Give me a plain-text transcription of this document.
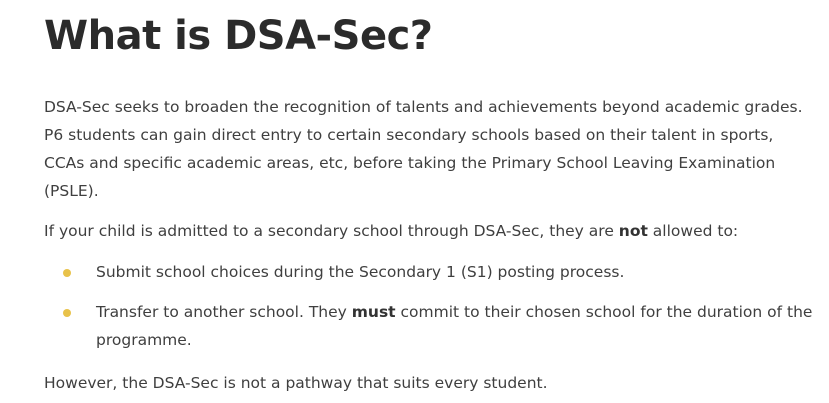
What is DSA-Sec?

DSA-Sec seeks to broaden the recognition of talents and achievements beyond academic grades. P6 students can gain direct entry to certain secondary schools based on their talent in sports, CCAs and specific academic areas, etc, before taking the Primary School Leaving Examination (PSLE).

If your child is admitted to a secondary school through DSA-Sec, they are not allowed to:

Submit school choices during the Secondary 1 (S1) posting process.
Transfer to another school. They must commit to their chosen school for the duration of the programme.

However, the DSA-Sec is not a pathway that suits every student.
